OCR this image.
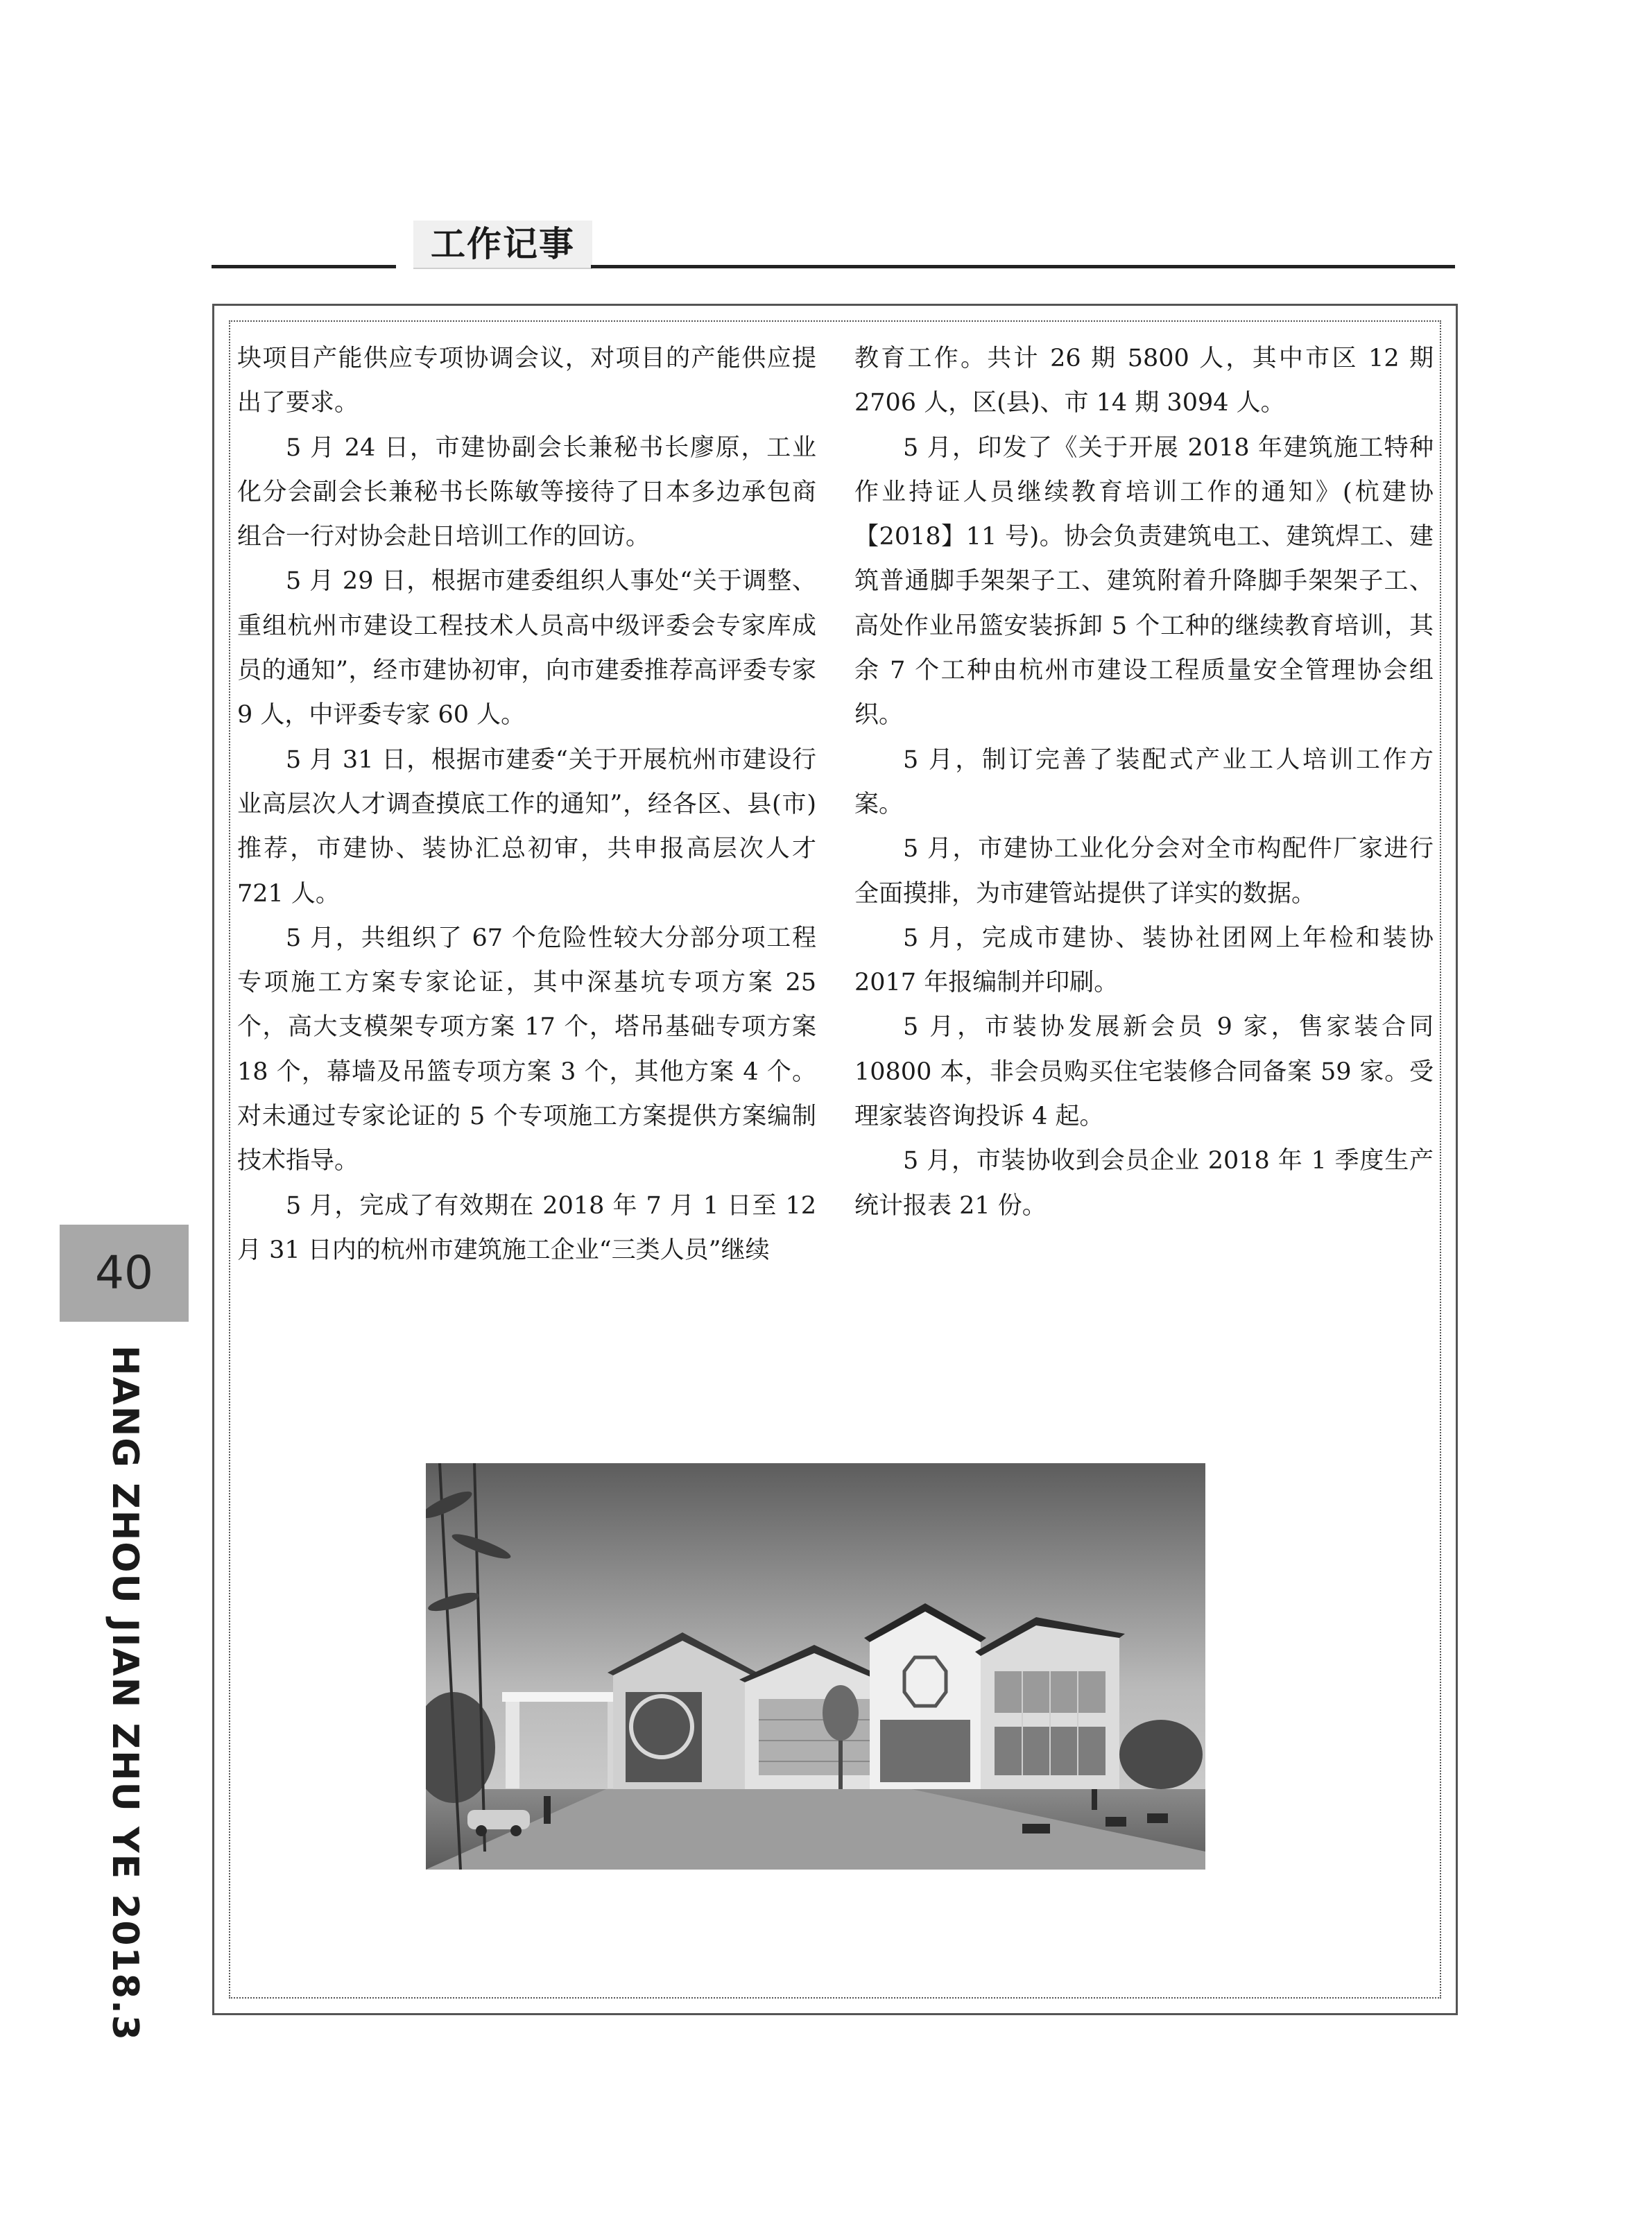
工作记事

块项目产能供应专项协调会议，对项目的产能供应提出了要求。

5 月 24 日，市建协副会长兼秘书长廖原，工业化分会副会长兼秘书长陈敏等接待了日本多边承包商组合一行对协会赴日培训工作的回访。

5 月 29 日，根据市建委组织人事处“关于调整、重组杭州市建设工程技术人员高中级评委会专家库成员的通知”，经市建协初审，向市建委推荐高评委专家 9 人，中评委专家 60 人。

5 月 31 日，根据市建委“关于开展杭州市建设行业高层次人才调查摸底工作的通知”，经各区、县(市)推荐，市建协、装协汇总初审，共申报高层次人才 721 人。

5 月，共组织了 67 个危险性较大分部分项工程专项施工方案专家论证，其中深基坑专项方案 25 个，高大支模架专项方案 17 个，塔吊基础专项方案 18 个，幕墙及吊篮专项方案 3 个，其他方案 4 个。对未通过专家论证的 5 个专项施工方案提供方案编制技术指导。

5 月，完成了有效期在 2018 年 7 月 1 日至 12 月 31 日内的杭州市建筑施工企业“三类人员”继续

教育工作。共计 26 期 5800 人，其中市区 12 期 2706 人，区(县)、市 14 期 3094 人。

5 月，印发了《关于开展 2018 年建筑施工特种作业持证人员继续教育培训工作的通知》(杭建协【2018】11 号)。协会负责建筑电工、建筑焊工、建筑普通脚手架架子工、建筑附着升降脚手架架子工、高处作业吊篮安装拆卸 5 个工种的继续教育培训，其余 7 个工种由杭州市建设工程质量安全管理协会组织。

5 月，制订完善了装配式产业工人培训工作方案。

5 月，市建协工业化分会对全市构配件厂家进行全面摸排，为市建管站提供了详实的数据。

5 月，完成市建协、装协社团网上年检和装协 2017 年报编制并印刷。

5 月，市装协发展新会员 9 家，售家装合同 10800 本，非会员购买住宅装修合同备案 59 家。受理家装咨询投诉 4 起。

5 月，市装协收到会员企业 2018 年 1 季度生产统计报表 21 份。

40
HANG ZHOU JIAN ZHU YE 2018.3
